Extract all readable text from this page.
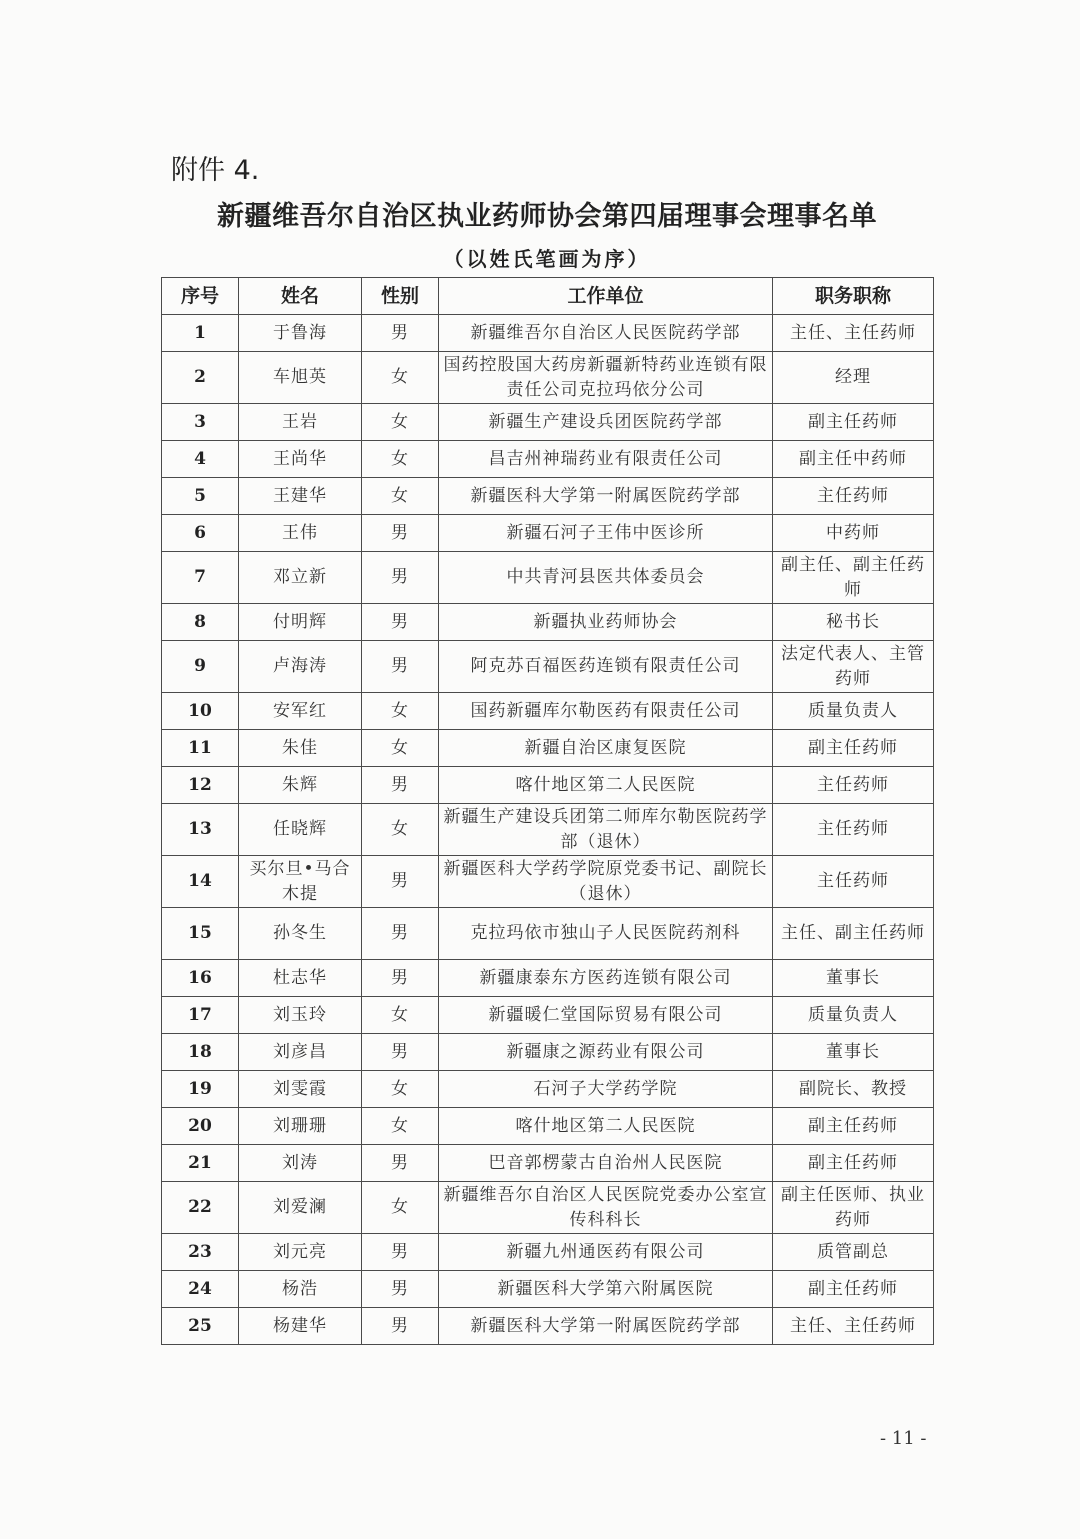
附件 4.
新疆维吾尔自治区执业药师协会第四届理事会理事名单
（以姓氏笔画为序）
序号	姓名	性别	工作单位	职务职称
1	于鲁海	男	新疆维吾尔自治区人民医院药学部	主任、主任药师
2	车旭英	女	国药控股国大药房新疆新特药业连锁有限责任公司克拉玛依分公司	经理
3	王岩	女	新疆生产建设兵团医院药学部	副主任药师
4	王尚华	女	昌吉州神瑞药业有限责任公司	副主任中药师
5	王建华	女	新疆医科大学第一附属医院药学部	主任药师
6	王伟	男	新疆石河子王伟中医诊所	中药师
7	邓立新	男	中共青河县医共体委员会	副主任、副主任药师
8	付明辉	男	新疆执业药师协会	秘书长
9	卢海涛	男	阿克苏百福医药连锁有限责任公司	法定代表人、主管药师
10	安军红	女	国药新疆库尔勒医药有限责任公司	质量负责人
11	朱佳	女	新疆自治区康复医院	副主任药师
12	朱辉	男	喀什地区第二人民医院	主任药师
13	任晓辉	女	新疆生产建设兵团第二师库尔勒医院药学部（退休）	主任药师
14	买尔旦•马合木提	男	新疆医科大学药学院原党委书记、副院长（退休）	主任药师
15	孙冬生	男	克拉玛依市独山子人民医院药剂科	主任、副主任药师
16	杜志华	男	新疆康泰东方医药连锁有限公司	董事长
17	刘玉玲	女	新疆暖仁堂国际贸易有限公司	质量负责人
18	刘彦昌	男	新疆康之源药业有限公司	董事长
19	刘雯霞	女	石河子大学药学院	副院长、教授
20	刘珊珊	女	喀什地区第二人民医院	副主任药师
21	刘涛	男	巴音郭楞蒙古自治州人民医院	副主任药师
22	刘爱澜	女	新疆维吾尔自治区人民医院党委办公室宣传科科长	副主任医师、执业药师
23	刘元亮	男	新疆九州通医药有限公司	质管副总
24	杨浩	男	新疆医科大学第六附属医院	副主任药师
25	杨建华	男	新疆医科大学第一附属医院药学部	主任、主任药师
- 11 -
